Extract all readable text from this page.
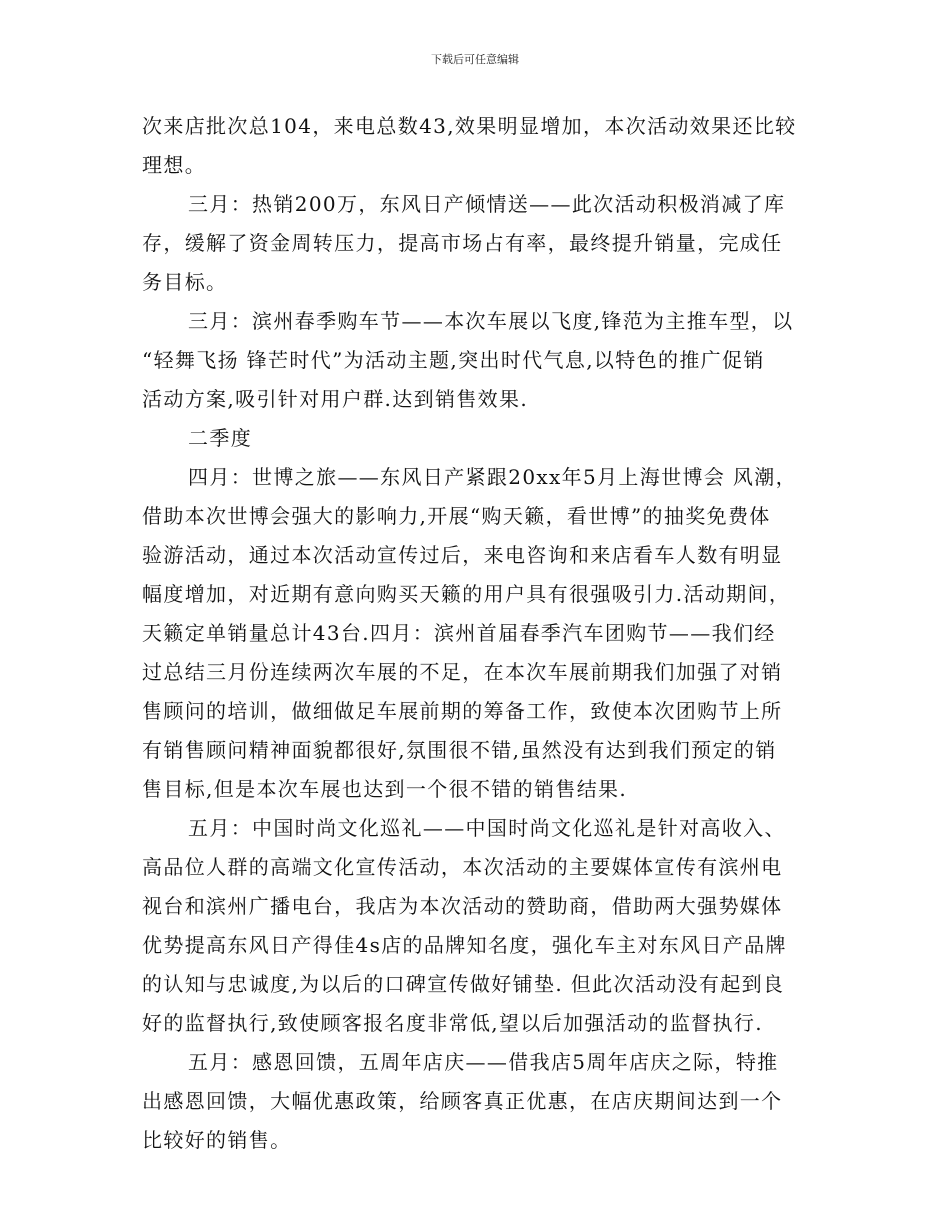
下载后可任意编辑
次来店批次总104，来电总数43,效果明显增加，本次活动效果还比较
理想。
三月：热销200万，东风日产倾情送——此次活动积极消减了库
存，缓解了资金周转压力，提高市场占有率，最终提升销量，完成任
务目标。
三月：滨州春季购车节——本次车展以飞度,锋范为主推车型，以
“轻舞飞扬 锋芒时代”为活动主题,突出时代气息,以特色的推广促销
活动方案,吸引针对用户群.达到销售效果.
二季度
四月：世博之旅——东风日产紧跟20xx年5月上海世博会 风潮，
借助本次世博会强大的影响力,开展“购天籁，看世博”的抽奖免费体
验游活动，通过本次活动宣传过后，来电咨询和来店看车人数有明显
幅度增加，对近期有意向购买天籁的用户具有很强吸引力.活动期间，
天籁定单销量总计43台.四月：滨州首届春季汽车团购节——我们经
过总结三月份连续两次车展的不足，在本次车展前期我们加强了对销
售顾问的培训，做细做足车展前期的筹备工作，致使本次团购节上所
有销售顾问精神面貌都很好,氛围很不错,虽然没有达到我们预定的销
售目标,但是本次车展也达到一个很不错的销售结果.
五月：中国时尚文化巡礼——中国时尚文化巡礼是针对高收入、
高品位人群的高端文化宣传活动，本次活动的主要媒体宣传有滨州电
视台和滨州广播电台，我店为本次活动的赞助商，借助两大强势媒体
优势提高东风日产得佳4s店的品牌知名度，强化车主对东风日产品牌
的认知与忠诚度,为以后的口碑宣传做好铺垫. 但此次活动没有起到良
好的监督执行,致使顾客报名度非常低,望以后加强活动的监督执行.
五月：感恩回馈，五周年店庆——借我店5周年店庆之际，特推
出感恩回馈，大幅优惠政策，给顾客真正优惠，在店庆期间达到一个
比较好的销售。
